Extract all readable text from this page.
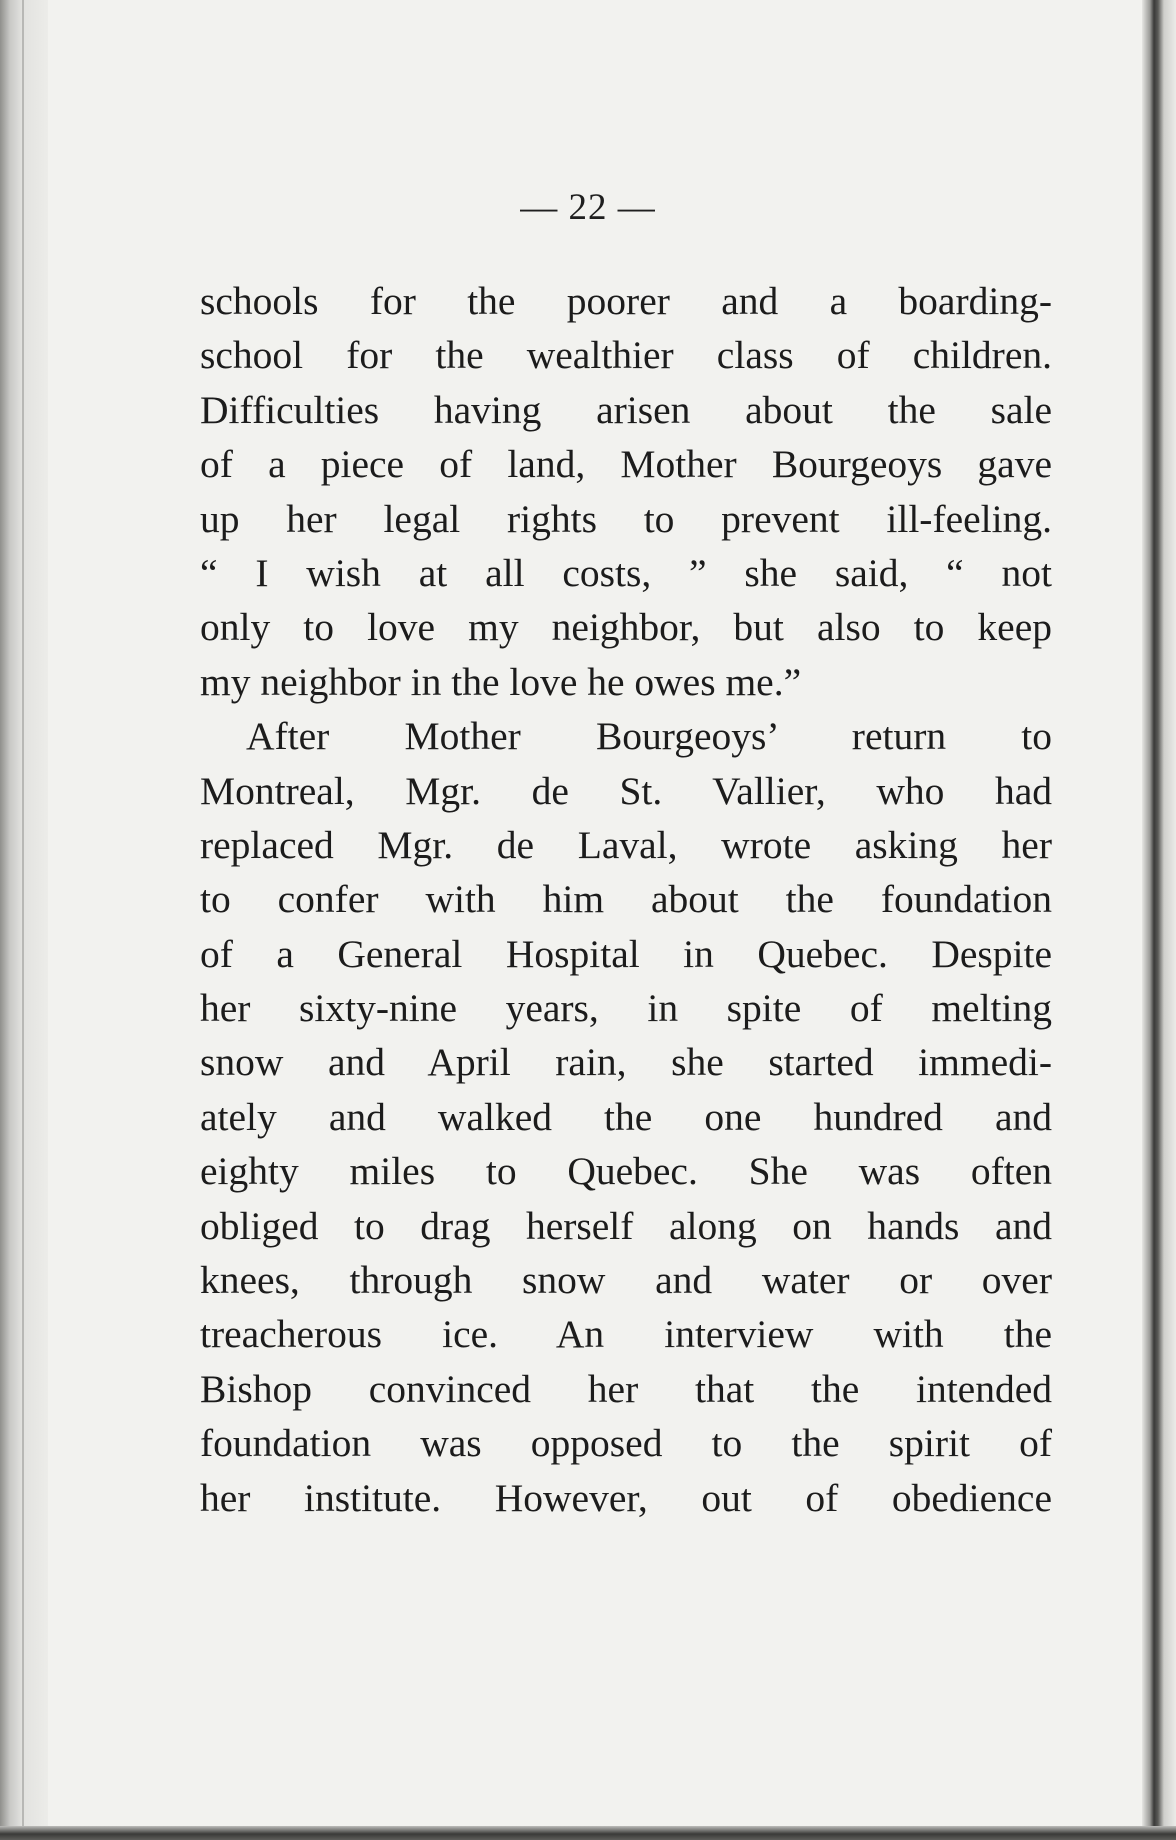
— 22 —

schools for the poorer and a boarding-
school for the wealthier class of children.
Difficulties having arisen about the sale
of a piece of land, Mother Bourgeoys gave
up her legal rights to prevent ill-feeling.
“ I wish at all costs, ” she said, “ not
only to love my neighbor, but also to keep
my neighbor in the love he owes me.”
After Mother Bourgeoys’ return to
Montreal, Mgr. de St. Vallier, who had
replaced Mgr. de Laval, wrote asking her
to confer with him about the foundation
of a General Hospital in Quebec. Despite
her sixty-nine years, in spite of melting
snow and April rain, she started immedi-
ately and walked the one hundred and
eighty miles to Quebec. She was often
obliged to drag herself along on hands and
knees, through snow and water or over
treacherous ice. An interview with the
Bishop convinced her that the intended
foundation was opposed to the spirit of
her institute. However, out of obedience
